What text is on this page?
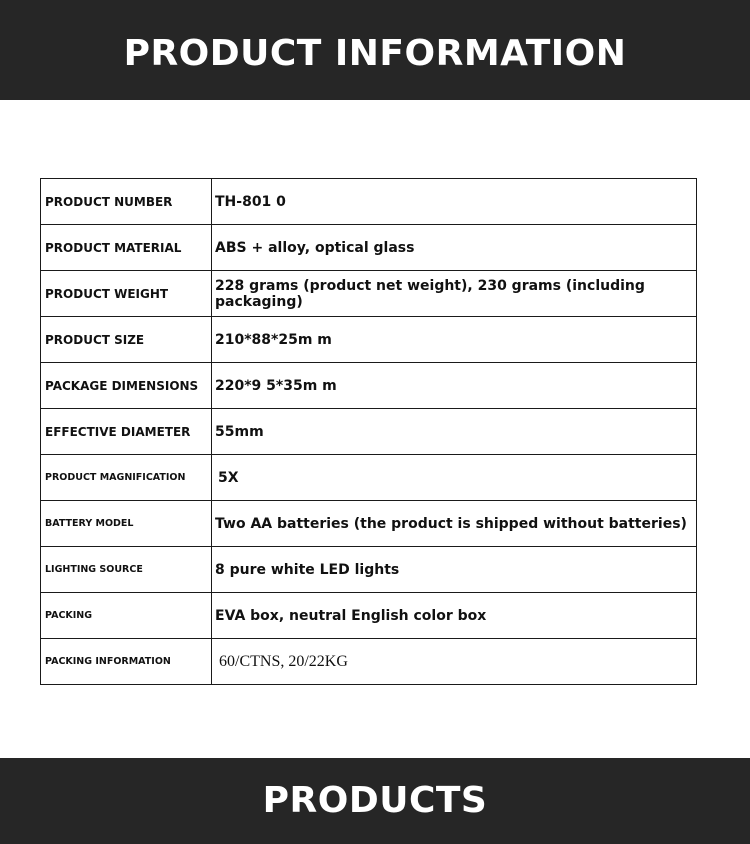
PRODUCT INFORMATION
PRODUCT NUMBER	TH-801 0
PRODUCT MATERIAL	ABS + alloy, optical glass
PRODUCT WEIGHT	228 grams (product net weight), 230 grams (including packaging)
PRODUCT SIZE	210*88*25m m
PACKAGE DIMENSIONS	220*9 5*35m m
EFFECTIVE DIAMETER	55mm
PRODUCT MAGNIFICATION	5X
BATTERY MODEL	Two AA batteries (the product is shipped without batteries)
LIGHTING SOURCE	8 pure white LED lights
PACKING	EVA box, neutral English color box
PACKING INFORMATION	60/CTNS, 20/22KG
PRODUCTS
